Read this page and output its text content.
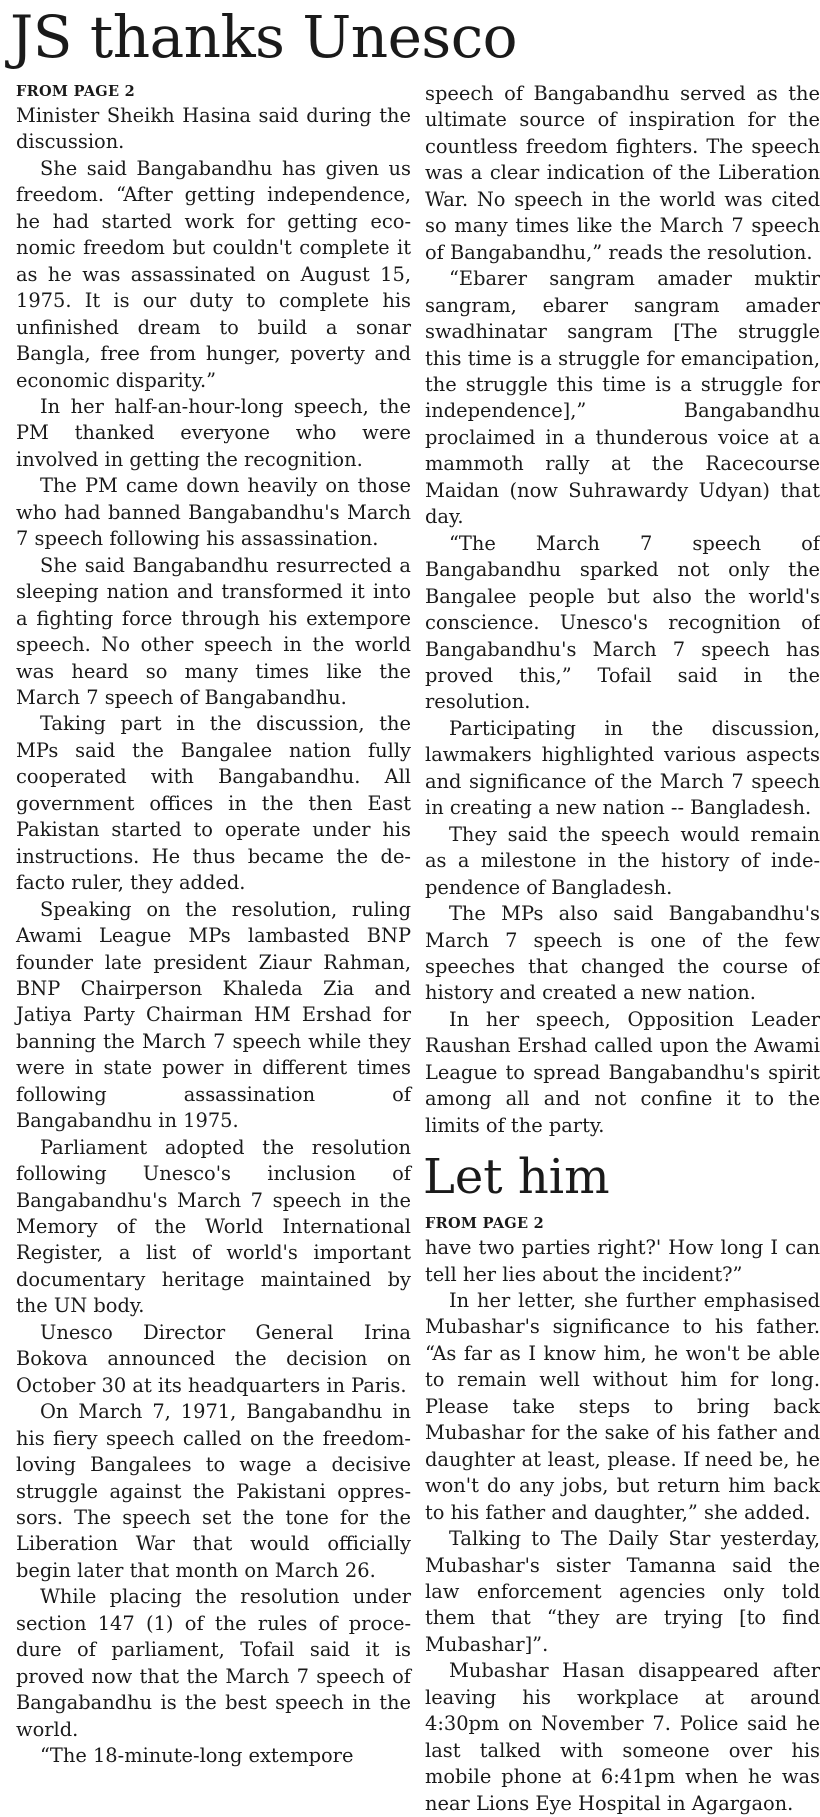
JS thanks Unesco
FROM PAGE 2

Minister Sheikh Hasina said during the discussion.

She said Bangabandhu has given us freedom. “After getting independence, he had started work for getting economic freedom but couldn't complete it as he was assassinated on August 15, 1975. It is our duty to complete his unfinished dream to build a sonar Bangla, free from hunger, poverty and economic disparity.”

In her half-an-hour-long speech, the PM thanked everyone who were involved in getting the recognition.

The PM came down heavily on those who had banned Bangabandhu's March 7 speech following his assassination.

She said Bangabandhu resurrected a sleeping nation and transformed it into a fighting force through his extempore speech. No other speech in the world was heard so many times like the March 7 speech of Bangabandhu.

Taking part in the discussion, the MPs said the Bangalee nation fully cooperated with Bangabandhu. All government offices in the then East Pakistan started to operate under his instructions. He thus became the de-facto ruler, they added.

Speaking on the resolution, ruling Awami League MPs lambasted BNP founder late president Ziaur Rahman, BNP Chairperson Khaleda Zia and Jatiya Party Chairman HM Ershad for banning the March 7 speech while they were in state power in different times following assassination of Bangabandhu in 1975.

Parliament adopted the resolution following Unesco's inclusion of Bangabandhu's March 7 speech in the Memory of the World International Register, a list of world's important documentary heritage maintained by the UN body.

Unesco Director General Irina Bokova announced the decision on October 30 at its headquarters in Paris.

On March 7, 1971, Bangabandhu in his fiery speech called on the freedom-loving Bangalees to wage a decisive struggle against the Pakistani oppressors. The speech set the tone for the Liberation War that would officially begin later that month on March 26.

While placing the resolution under section 147 (1) of the rules of procedure of parliament, Tofail said it is proved now that the March 7 speech of Bangabandhu is the best speech in the world.

“The 18-minute-long extempore

speech of Bangabandhu served as the ultimate source of inspiration for the countless freedom fighters. The speech was a clear indication of the Liberation War. No speech in the world was cited so many times like the March 7 speech of Bangabandhu,” reads the resolution.

“Ebarer sangram amader muktir sangram, ebarer sangram amader swadhinatar sangram [The struggle this time is a struggle for emancipation, the struggle this time is a struggle for independence],” Bangabandhu proclaimed in a thunderous voice at a mammoth rally at the Racecourse Maidan (now Suhrawardy Udyan) that day.

“The March 7 speech of Bangabandhu sparked not only the Bangalee people but also the world's conscience. Unesco's recognition of Bangabandhu's March 7 speech has proved this,” Tofail said in the resolution.

Participating in the discussion, lawmakers highlighted various aspects and significance of the March 7 speech in creating a new nation -- Bangladesh.

They said the speech would remain as a milestone in the history of independence of Bangladesh.

The MPs also said Bangabandhu's March 7 speech is one of the few speeches that changed the course of history and created a new nation.

In her speech, Opposition Leader Raushan Ershad called upon the Awami League to spread Bangabandhu's spirit among all and not confine it to the limits of the party.

Let him
FROM PAGE 2

have two parties right?' How long I can tell her lies about the incident?”

In her letter, she further emphasised Mubashar's significance to his father. “As far as I know him, he won't be able to remain well without him for long. Please take steps to bring back Mubashar for the sake of his father and daughter at least, please. If need be, he won't do any jobs, but return him back to his father and daughter,” she added.

Talking to The Daily Star yesterday, Mubashar's sister Tamanna said the law enforcement agencies only told them that “they are trying [to find Mubashar]”.

Mubashar Hasan disappeared after leaving his workplace at around 4:30pm on November 7. Police said he last talked with someone over his mobile phone at 6:41pm when he was near Lions Eye Hospital in Agargaon.
